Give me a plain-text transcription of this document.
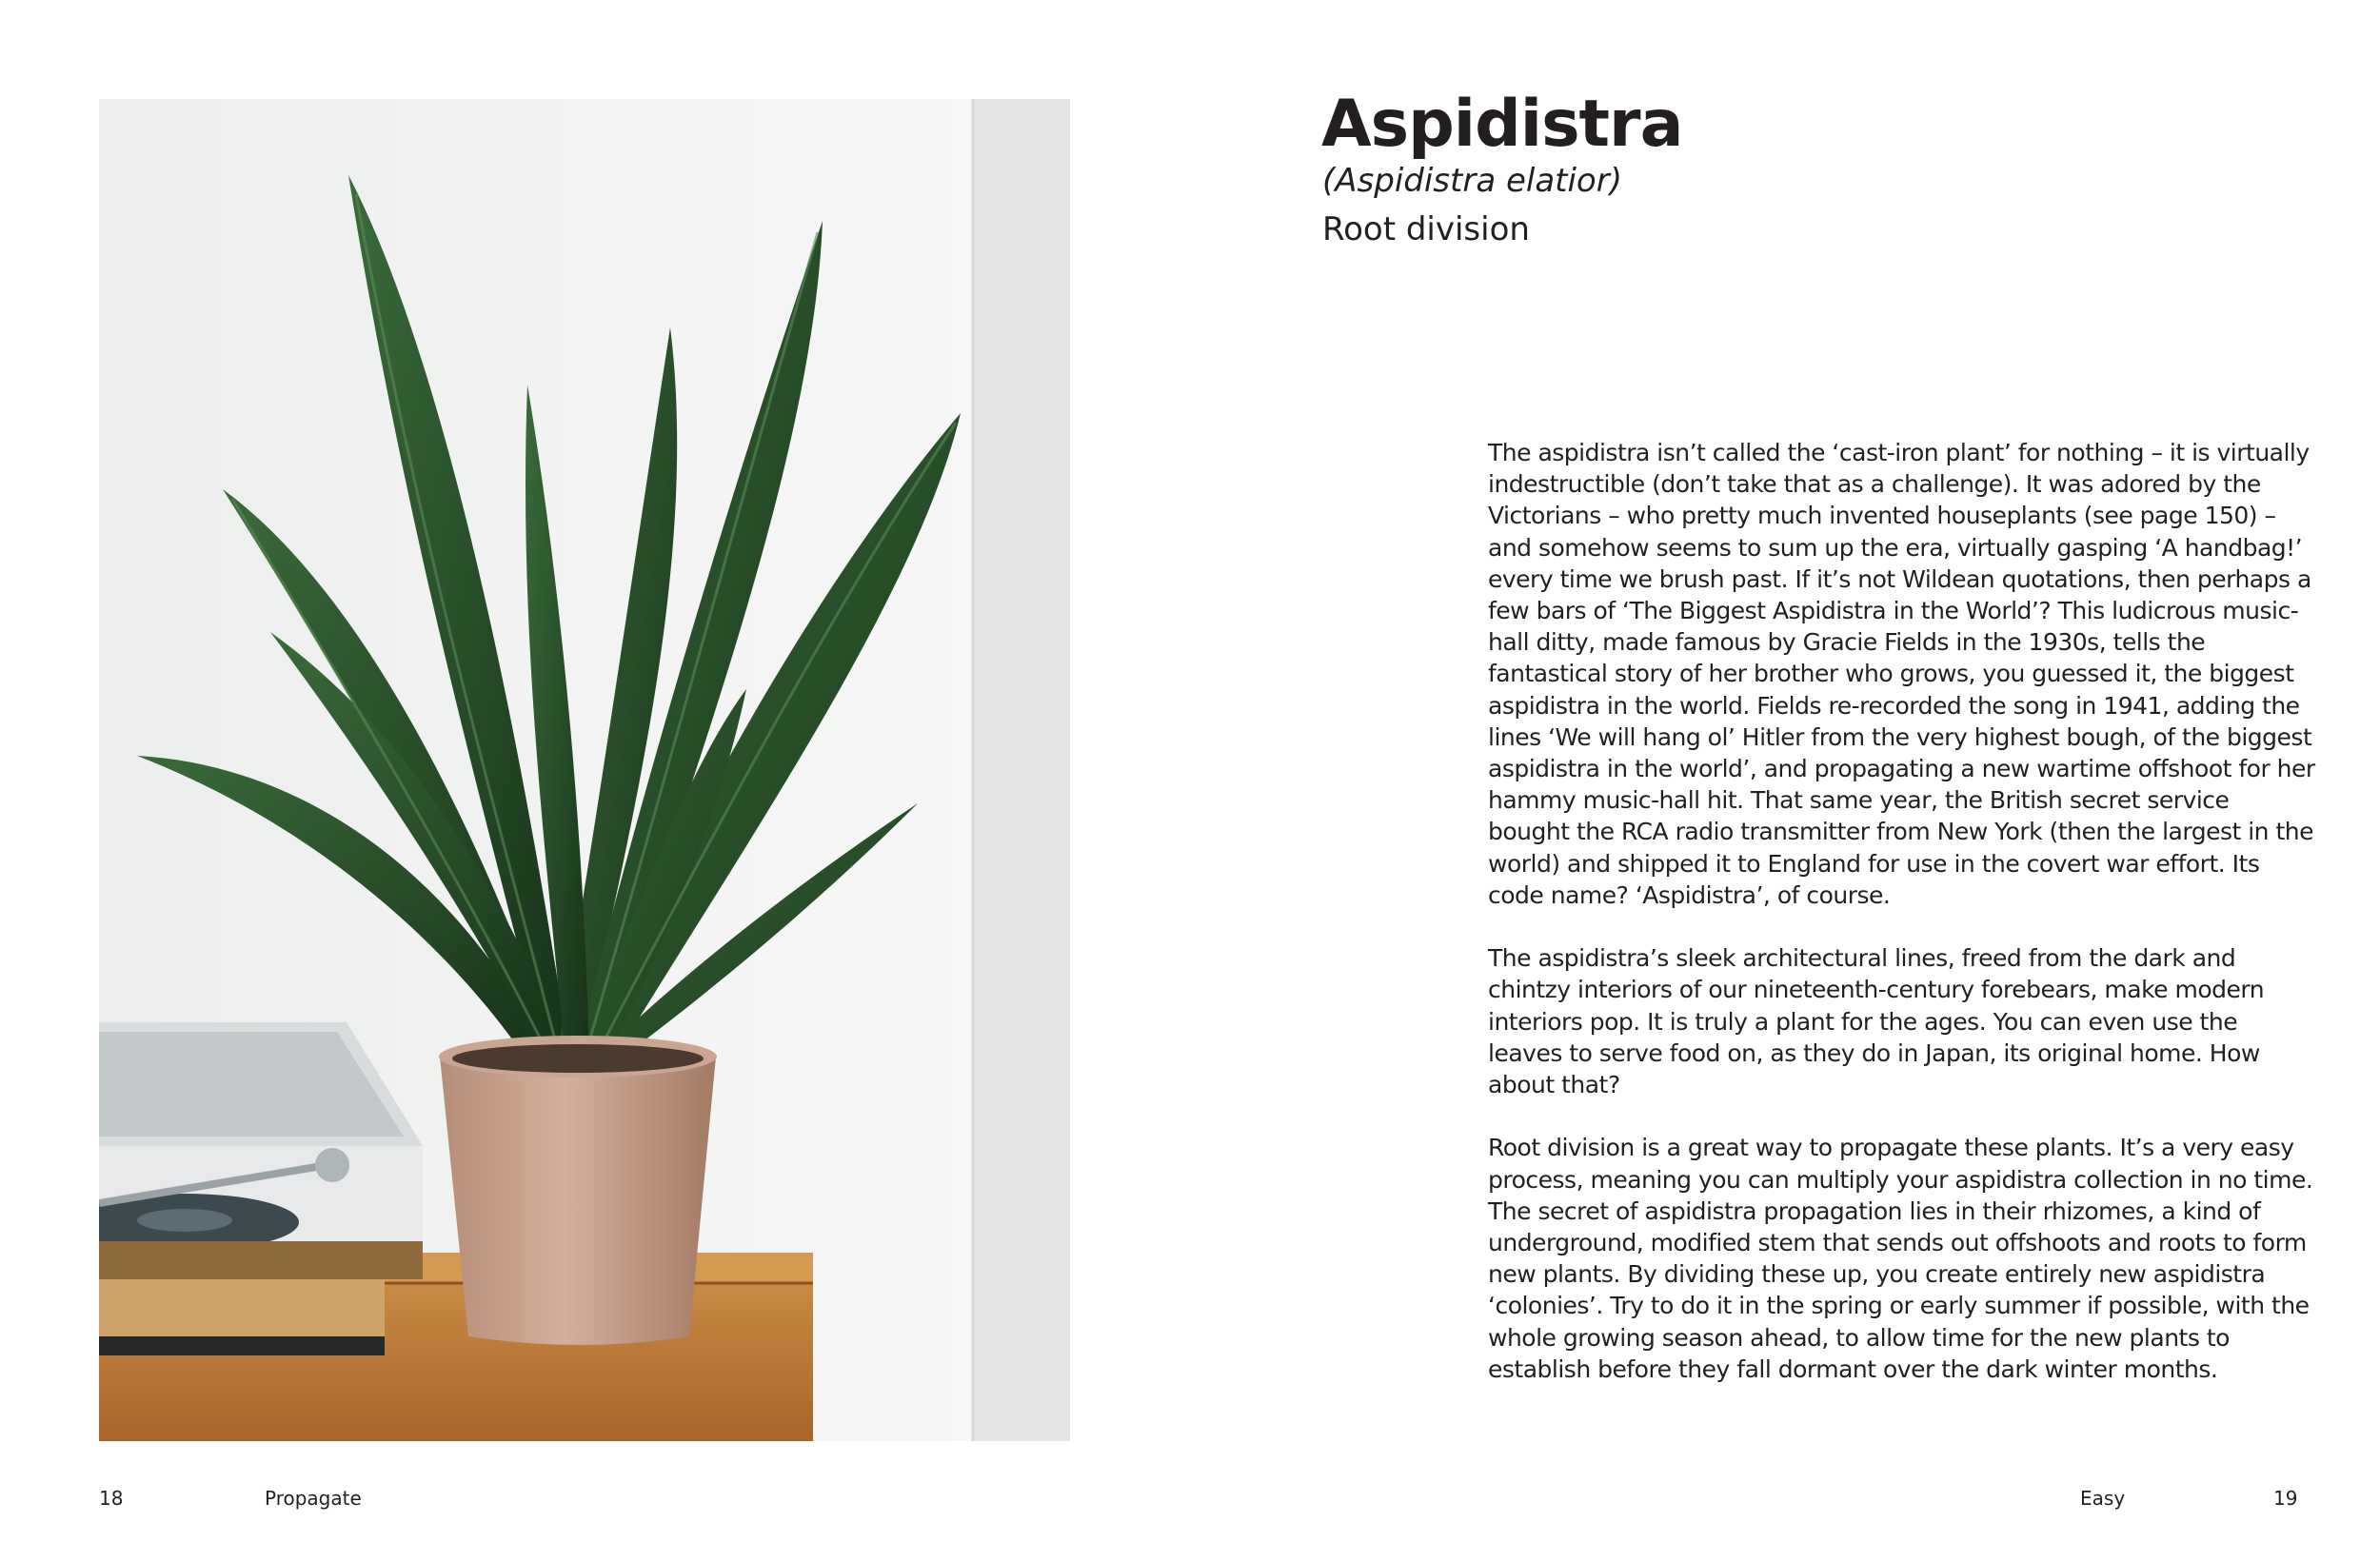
Aspidistra
(Aspidistra elatior)
Root division

The aspidistra isn’t called the ‘cast-iron plant’ for nothing – it is virtually indestructible (don’t take that as a challenge). It was adored by the Victorians – who pretty much invented houseplants (see page 150) – and somehow seems to sum up the era, virtually gasping ‘A handbag!’ every time we brush past. If it’s not Wildean quotations, then perhaps a few bars of ‘The Biggest Aspidistra in the World’? This ludicrous music-hall ditty, made famous by Gracie Fields in the 1930s, tells the fantastical story of her brother who grows, you guessed it, the biggest aspidistra in the world. Fields re-recorded the song in 1941, adding the lines ‘We will hang ol’ Hitler from the very highest bough, of the biggest aspidistra in the world’, and propagating a new wartime offshoot for her hammy music-hall hit. That same year, the British secret service bought the RCA radio transmitter from New York (then the largest in the world) and shipped it to England for use in the covert war effort. Its code name? ‘Aspidistra’, of course.

The aspidistra’s sleek architectural lines, freed from the dark and chintzy interiors of our nineteenth-century forebears, make modern interiors pop. It is truly a plant for the ages. You can even use the leaves to serve food on, as they do in Japan, its original home. How about that?

Root division is a great way to propagate these plants. It’s a very easy process, meaning you can multiply your aspidistra collection in no time. The secret of aspidistra propagation lies in their rhizomes, a kind of underground, modified stem that sends out offshoots and roots to form new plants. By dividing these up, you create entirely new aspidistra ‘colonies’. Try to do it in the spring or early summer if possible, with the whole growing season ahead, to allow time for the new plants to establish before they fall dormant over the dark winter months.

18	Propagate	Easy	19
